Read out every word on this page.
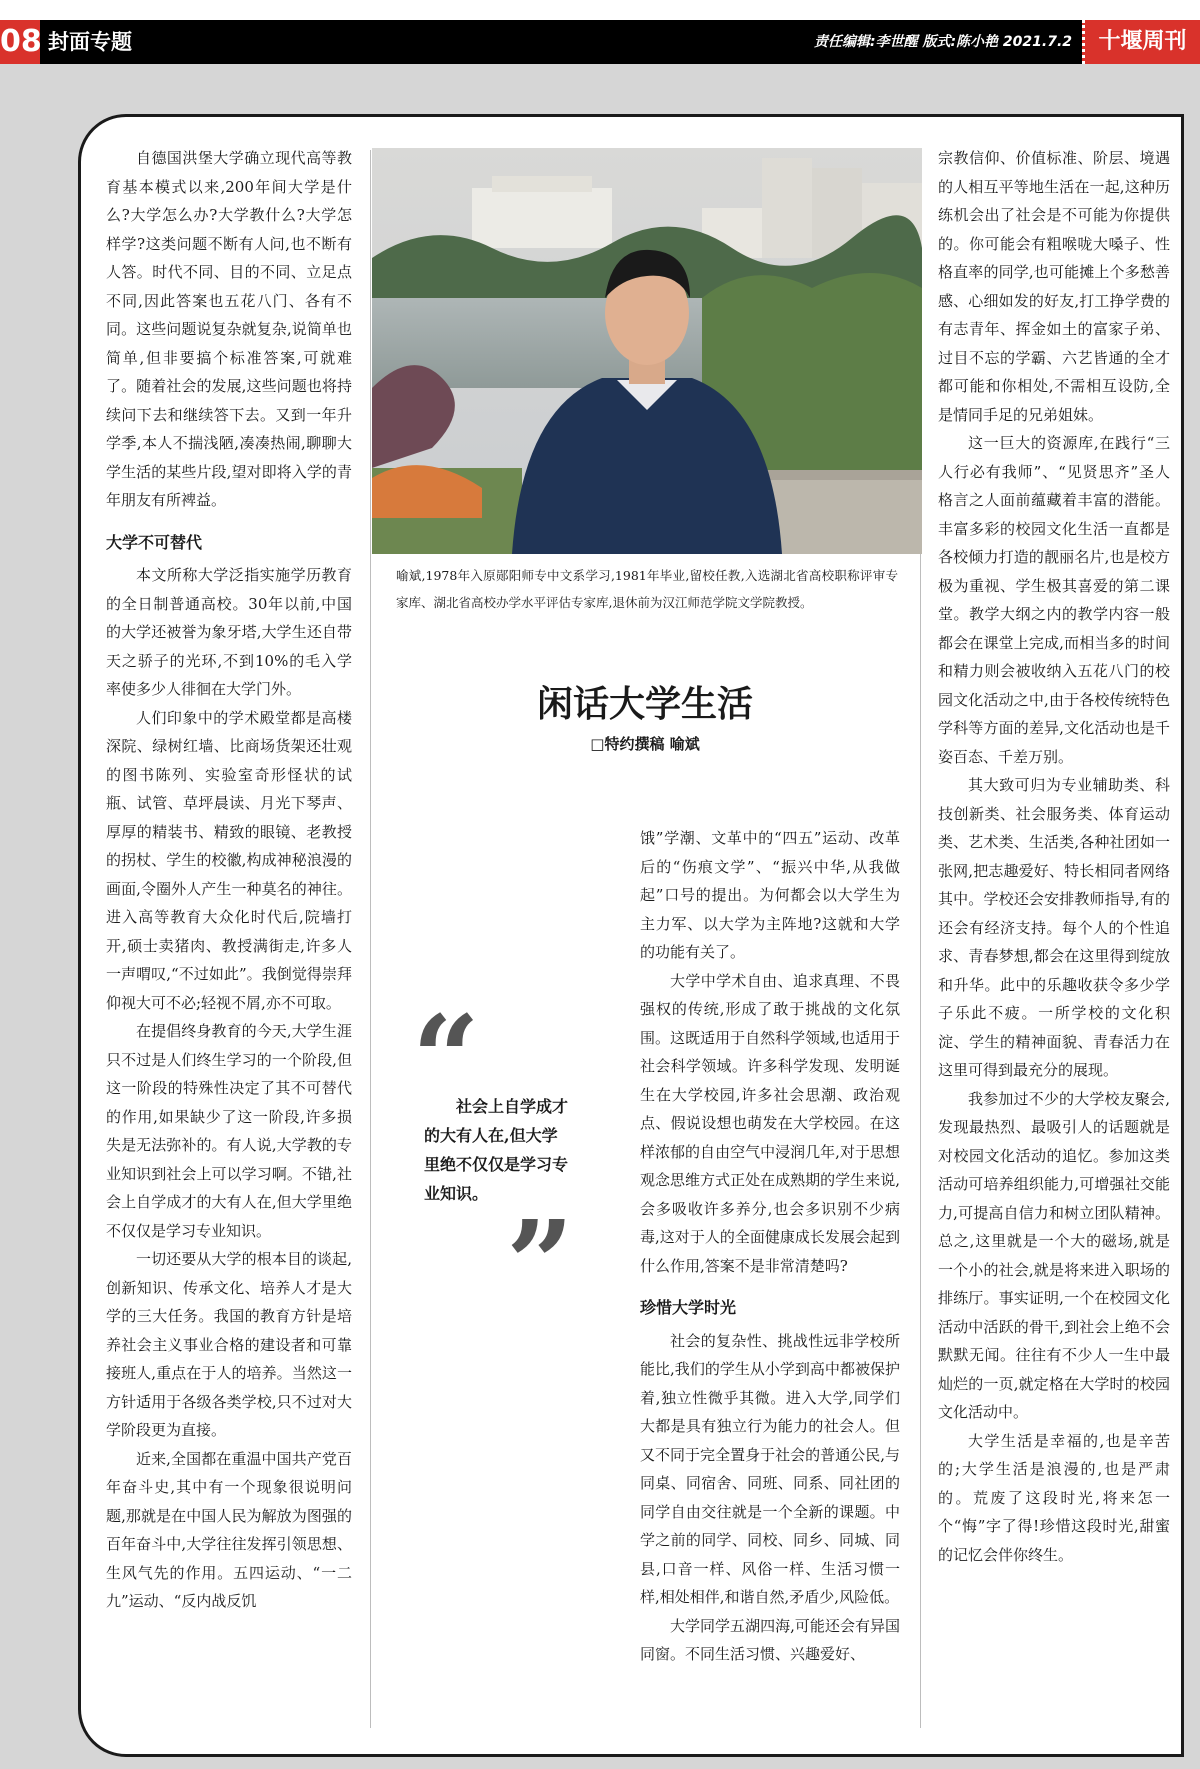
08 封面专题	责任编辑:李世醒 版式:陈小艳 2021.7.2	十堰周刊

自德国洪堡大学确立现代高等教育基本模式以来,200年间大学是什么?大学怎么办?大学教什么?大学怎样学?这类问题不断有人问,也不断有人答。时代不同、目的不同、立足点不同,因此答案也五花八门、各有不同。这些问题说复杂就复杂,说简单也简单,但非要搞个标准答案,可就难了。随着社会的发展,这些问题也将持续问下去和继续答下去。又到一年升学季,本人不揣浅陋,凑凑热闹,聊聊大学生活的某些片段,望对即将入学的青年朋友有所裨益。

大学不可替代

本文所称大学泛指实施学历教育的全日制普通高校。30年以前,中国的大学还被誉为象牙塔,大学生还自带天之骄子的光环,不到10%的毛入学率使多少人徘徊在大学门外。

人们印象中的学术殿堂都是高楼深院、绿树红墙、比商场货架还壮观的图书陈列、实验室奇形怪状的试瓶、试管、草坪晨读、月光下琴声、厚厚的精装书、精致的眼镜、老教授的拐杖、学生的校徽,构成神秘浪漫的画面,令圈外人产生一种莫名的神往。进入高等教育大众化时代后,院墙打开,硕士卖猪肉、教授满街走,许多人一声喟叹,“不过如此”。我倒觉得崇拜仰视大可不必;轻视不屑,亦不可取。

在提倡终身教育的今天,大学生涯只不过是人们终生学习的一个阶段,但这一阶段的特殊性决定了其不可替代的作用,如果缺少了这一阶段,许多损失是无法弥补的。有人说,大学教的专业知识到社会上可以学习啊。不错,社会上自学成才的大有人在,但大学里绝不仅仅是学习专业知识。

一切还要从大学的根本目的谈起,创新知识、传承文化、培养人才是大学的三大任务。我国的教育方针是培养社会主义事业合格的建设者和可靠接班人,重点在于人的培养。当然这一方针适用于各级各类学校,只不过对大学阶段更为直接。

近来,全国都在重温中国共产党百年奋斗史,其中有一个现象很说明问题,那就是在中国人民为解放为图强的百年奋斗中,大学往往发挥引领思想、生风气先的作用。五四运动、“一二九”运动、“反内战反饥

喻斌,1978年入原郧阳师专中文系学习,1981年毕业,留校任教,入选湖北省高校职称评审专家库、湖北省高校办学水平评估专家库,退休前为汉江师范学院文学院教授。
闲话大学生活
□特约撰稿 喻斌
“
社会上自学成才的大有人在,但大学里绝不仅仅是学习专业知识。
”

饿”学潮、文革中的“四五”运动、改革后的“伤痕文学”、“振兴中华,从我做起”口号的提出。为何都会以大学生为主力军、以大学为主阵地?这就和大学的功能有关了。

大学中学术自由、追求真理、不畏强权的传统,形成了敢于挑战的文化氛围。这既适用于自然科学领域,也适用于社会科学领域。许多科学发现、发明诞生在大学校园,许多社会思潮、政治观点、假说设想也萌发在大学校园。在这样浓郁的自由空气中浸润几年,对于思想观念思维方式正处在成熟期的学生来说,会多吸收许多养分,也会多识别不少病毒,这对于人的全面健康成长发展会起到什么作用,答案不是非常清楚吗?

珍惜大学时光

社会的复杂性、挑战性远非学校所能比,我们的学生从小学到高中都被保护着,独立性微乎其微。进入大学,同学们大都是具有独立行为能力的社会人。但又不同于完全置身于社会的普通公民,与同桌、同宿舍、同班、同系、同社团的同学自由交往就是一个全新的课题。中学之前的同学、同校、同乡、同城、同县,口音一样、风俗一样、生活习惯一样,相处相伴,和谐自然,矛盾少,风险低。

大学同学五湖四海,可能还会有异国同窗。不同生活习惯、兴趣爱好、

宗教信仰、价值标准、阶层、境遇的人相互平等地生活在一起,这种历练机会出了社会是不可能为你提供的。你可能会有粗喉咙大嗓子、性格直率的同学,也可能摊上个多愁善感、心细如发的好友,打工挣学费的有志青年、挥金如土的富家子弟、过目不忘的学霸、六艺皆通的全才都可能和你相处,不需相互设防,全是情同手足的兄弟姐妹。

这一巨大的资源库,在践行“三人行必有我师”、“见贤思齐”圣人格言之人面前蕴藏着丰富的潜能。丰富多彩的校园文化生活一直都是各校倾力打造的靓丽名片,也是校方极为重视、学生极其喜爱的第二课堂。教学大纲之内的教学内容一般都会在课堂上完成,而相当多的时间和精力则会被收纳入五花八门的校园文化活动之中,由于各校传统特色学科等方面的差异,文化活动也是千姿百态、千差万别。

其大致可归为专业辅助类、科技创新类、社会服务类、体育运动类、艺术类、生活类,各种社团如一张网,把志趣爱好、特长相同者网络其中。学校还会安排教师指导,有的还会有经济支持。每个人的个性追求、青春梦想,都会在这里得到绽放和升华。此中的乐趣收获令多少学子乐此不疲。一所学校的文化积淀、学生的精神面貌、青春活力在这里可得到最充分的展现。

我参加过不少的大学校友聚会,发现最热烈、最吸引人的话题就是对校园文化活动的追忆。参加这类活动可培养组织能力,可增强社交能力,可提高自信力和树立团队精神。总之,这里就是一个大的磁场,就是一个小的社会,就是将来进入职场的排练厅。事实证明,一个在校园文化活动中活跃的骨干,到社会上绝不会默默无闻。往往有不少人一生中最灿烂的一页,就定格在大学时的校园文化活动中。

大学生活是幸福的,也是辛苦的;大学生活是浪漫的,也是严肃的。荒废了这段时光,将来怎一个“悔”字了得!珍惜这段时光,甜蜜的记忆会伴你终生。
